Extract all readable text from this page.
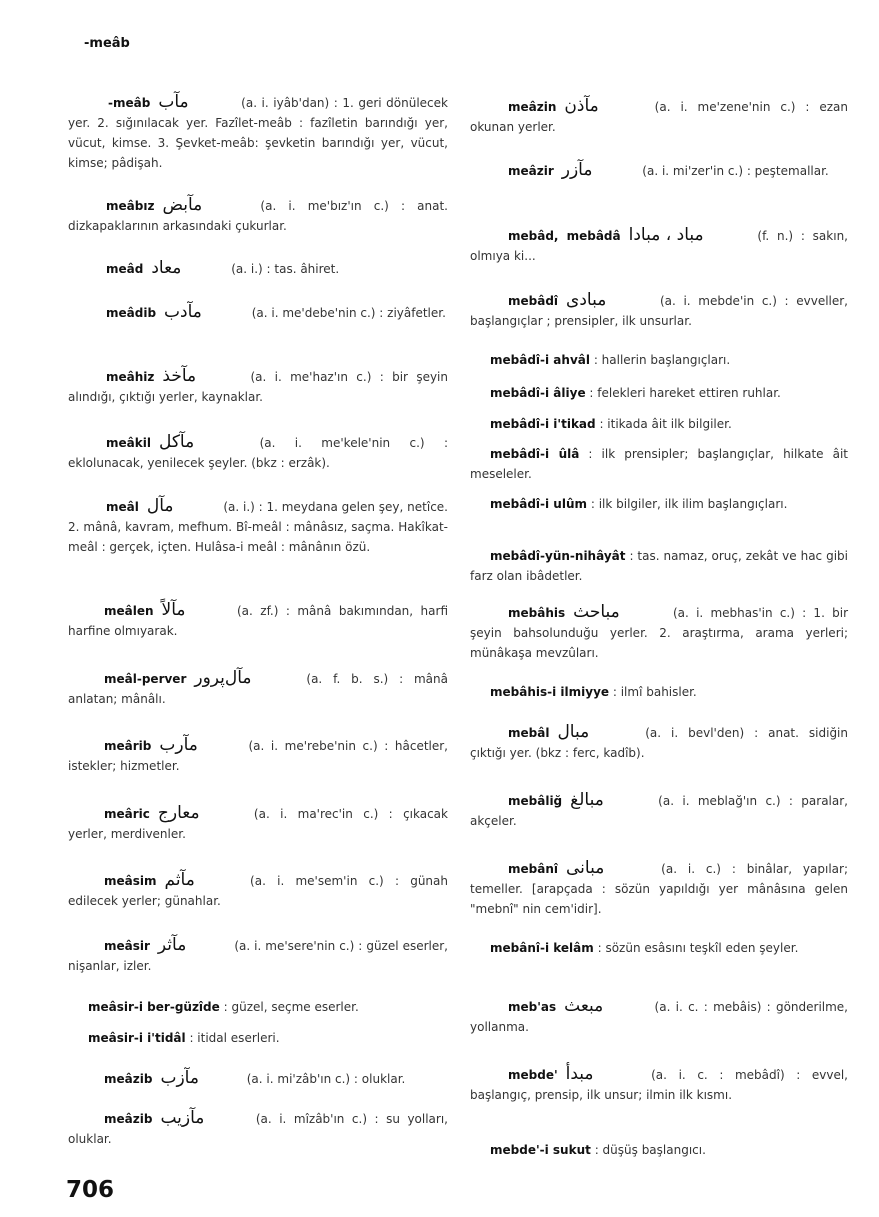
-meâb
-meâb مآب	(a. i. iyâb'dan) : 1. geri dönülecek yer. 2. sığınılacak yer. Fazîlet-meâb : fazîletin barındığı yer, vücut, kimse. 3. Şevket-meâb: şevketin barındığı yer, vücut, kimse; pâdişah.
meâbız مآبض	(a. i. me'bız'ın c.) : anat. dizkapaklarının arkasındaki çukurlar.
meâd معاد	(a. i.) : tas. âhiret.
meâdib مآدب	(a. i. me'debe'nin c.) : ziyâfetler.
meâhiz مآخذ	(a. i. me'haz'ın c.) : bir şeyin alındığı, çıktığı yerler, kaynaklar.
meâkil مآكل	(a. i. me'kele'nin c.) : eklolunacak, yenilecek şeyler. (bkz : erzâk).
meâl مآل	(a. i.) : 1. meydana gelen şey, netîce. 2. mânâ, kavram, mefhum. Bî-meâl : mânâsız, saçma. Hakîkat-meâl : gerçek, içten. Hulâsa-i meâl : mânânın özü.
meâlen مآلاً	(a. zf.) : mânâ bakımından, harfi harfine olmıyarak.
meâl-perver مآل‌پرور	(a. f. b. s.) : mânâ anlatan; mânâlı.
meârib مآرب	(a. i. me'rebe'nin c.) : hâcetler, istekler; hizmetler.
meâric معارج	(a. i. ma'rec'in c.) : çıkacak yerler, merdivenler.
meâsim مآثم	(a. i. me'sem'in c.) : günah edilecek yerler; günahlar.
meâsir مآثر	(a. i. me'sere'nin c.) : güzel eserler, nişanlar, izler.
meâsir-i ber-güzîde : güzel, seçme eserler.
meâsir-i i'tidâl : itidal eserleri.
meâzib مآزب	(a. i. mi'zâb'ın c.) : oluklar.
meâzib مآزيب	(a. i. mîzâb'ın c.) : su yolları, oluklar.
meâzin مآذن	(a. i. me'zene'nin c.) : ezan okunan yerler.
meâzir مآزر	(a. i. mi'zer'in c.) : peştemallar.
mebâd, mebâdâ مباد ، مبادا	(f. n.) : sakın, olmıya ki...
mebâdî مبادى	(a. i. mebde'in c.) : evveller, başlangıçlar ; prensipler, ilk unsurlar.
mebâdî-i ahvâl : hallerin başlangıçları.
mebâdî-i âliye : felekleri hareket ettiren ruhlar.
mebâdî-i i'tikad : itikada âit ilk bilgiler.
mebâdî-i ûlâ : ilk prensipler; başlangıçlar, hilkate âit meseleler.
mebâdî-i ulûm : ilk bilgiler, ilk ilim başlangıçları.
mebâdî-yün-nihâyât : tas. namaz, oruç, zekât ve hac gibi farz olan ibâdetler.
mebâhis مباحث	(a. i. mebhas'in c.) : 1. bir şeyin bahsolunduğu yerler. 2. araştırma, arama yerleri; münâkaşa mevzûları.
mebâhis-i ilmiyye : ilmî bahisler.
mebâl مبال	(a. i. bevl'den) : anat. sidiğin çıktığı yer. (bkz : ferc, kadîb).
mebâliğ مبالغ	(a. i. meblağ'ın c.) : paralar, akçeler.
mebânî مبانى	(a. i. c.) : binâlar, yapılar; temeller. [arapçada : sözün yapıldığı yer mânâsına gelen "mebnî" nin cem'idir].
mebânî-i kelâm : sözün esâsını teşkîl eden şeyler.
meb'as مبعث	(a. i. c. : mebâis) : gönderilme, yollanma.
mebde' مبدأ	(a. i. c. : mebâdî) : evvel, başlangıç, prensip, ilk unsur; ilmin ilk kısmı.
mebde'-i sukut : düşüş başlangıcı.
706
